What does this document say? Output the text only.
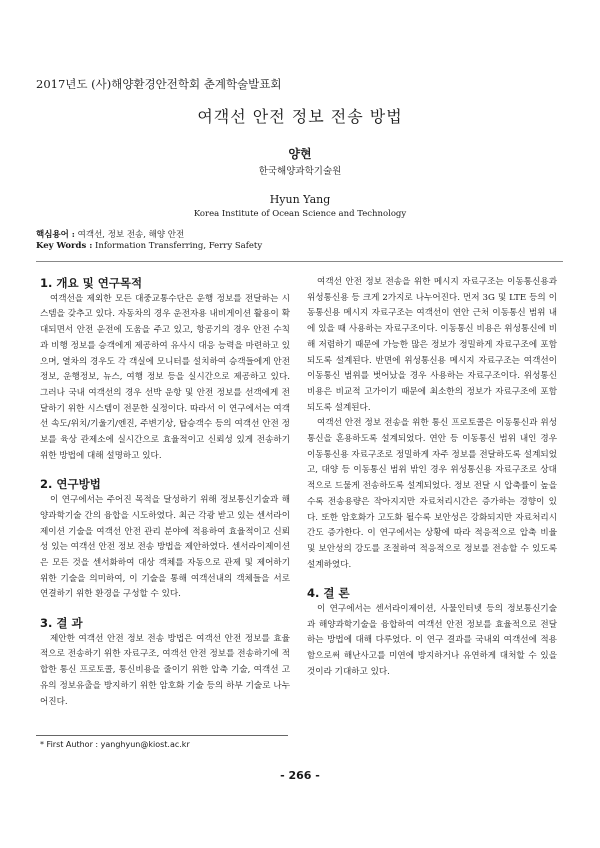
2017년도 (사)해양환경안전학회 춘계학술발표회
여객선 안전 정보 전송 방법
양현
한국해양과학기술원
Hyun Yang
Korea Institute of Ocean Science and Technology
핵심용어 : 여객선, 정보 전송, 해양 안전
Key Words : Information Transferring, Ferry Safety
1. 개요 및 연구목적

여객선을 제외한 모든 대중교통수단은 운행 정보를 전달하는 시스템을 갖추고 있다. 자동차의 경우 운전자용 내비게이션 활용이 확대되면서 안전 운전에 도움을 주고 있고, 항공기의 경우 안전 수칙과 비행 정보를 승객에게 제공하여 유사시 대응 능력을 마련하고 있으며, 열차의 경우도 각 객실에 모니터를 설치하여 승객들에게 안전정보, 운행정보, 뉴스, 여행 정보 등을 실시간으로 제공하고 있다. 그러나 국내 여객선의 경우 선박 운항 및 안전 정보를 선객에게 전달하기 위한 시스템이 전문한 실정이다. 따라서 이 연구에서는 여객선 속도/위치/기울기/엔진, 주변기상, 탑승객수 등의 여객선 안전 정보를 육상 관제소에 실시간으로 효율적이고 신뢰성 있게 전송하기 위한 방법에 대해 설명하고 있다.

2. 연구방법

이 연구에서는 주어진 목적을 달성하기 위해 정보통신기술과 해양과학기술 간의 융합을 시도하였다. 최근 각광 받고 있는 센서라이제이션 기술을 여객선 안전 관리 분야에 적용하여 효율적이고 신뢰성 있는 여객선 안전 정보 전송 방법을 제안하였다. 센서라이제이션은 모든 것을 센서화하여 대상 객체를 자동으로 관제 및 제어하기 위한 기술을 의미하여, 이 기술을 통해 여객선내의 객체들을 서로 연결하기 위한 환경을 구성할 수 있다.

3. 결 과

제안한 여객선 안전 정보 전송 방법은 여객선 안전 정보를 효율적으로 전송하기 위한 자료구조, 여객선 안전 정보를 전송하기에 적합한 통신 프로토콜, 통신비용을 줄이기 위한 압축 기술, 여객선 고유의 정보유출을 방지하기 위한 암호화 기술 등의 하부 기술로 나누어진다.

여객선 안전 정보 전송을 위한 메시지 자료구조는 이동통신용과 위성통신용 등 크게 2가지로 나누어진다. 먼저 3G 및 LTE 등의 이동통신용 메시지 자료구조는 여객선이 연안 근처 이동통신 범위 내에 있을 때 사용하는 자료구조이다. 이동통신 비용은 위성통신에 비해 저렴하기 때문에 가능한 많은 정보가 정밀하게 자료구조에 포함되도록 설계된다. 반면에 위성통신용 메시지 자료구조는 여객선이 이동통신 범위를 벗어났을 경우 사용하는 자료구조이다. 위성통신 비용은 비교적 고가이기 때문에 최소한의 정보가 자료구조에 포함되도록 설계된다.

여객선 안전 정보 전송을 위한 통신 프로토콜은 이동통신과 위성통신을 혼용하도록 설계되었다. 연안 등 이동통신 범위 내인 경우 이동통신용 자료구조로 정밀하게 자주 정보를 전달하도록 설계되었고, 대양 등 이동통신 범위 밖인 경우 위성통신용 자료구조로 상대적으로 드물게 전송하도록 설계되었다. 정보 전달 시 압축률이 높을수록 전송용량은 작아지지만 자료처리시간은 증가하는 경향이 있다. 또한 암호화가 고도화 될수록 보안성은 강화되지만 자료처리시간도 증가한다. 이 연구에서는 상황에 따라 적응적으로 압축 비율 및 보안성의 강도를 조절하여 적응적으로 정보를 전송할 수 있도록 설계하였다.

4. 결 론

이 연구에서는 센서라이제이션, 사물인터넷 등의 정보통신기술과 해양과학기술을 융합하여 여객선 안전 정보를 효율적으로 전달하는 방법에 대해 다루었다. 이 연구 결과를 국내외 여객선에 적용함으로써 해난사고를 미연에 방지하거나 유연하게 대처할 수 있을 것이라 기대하고 있다.

* First Author : yanghyun@kiost.ac.kr
- 266 -
